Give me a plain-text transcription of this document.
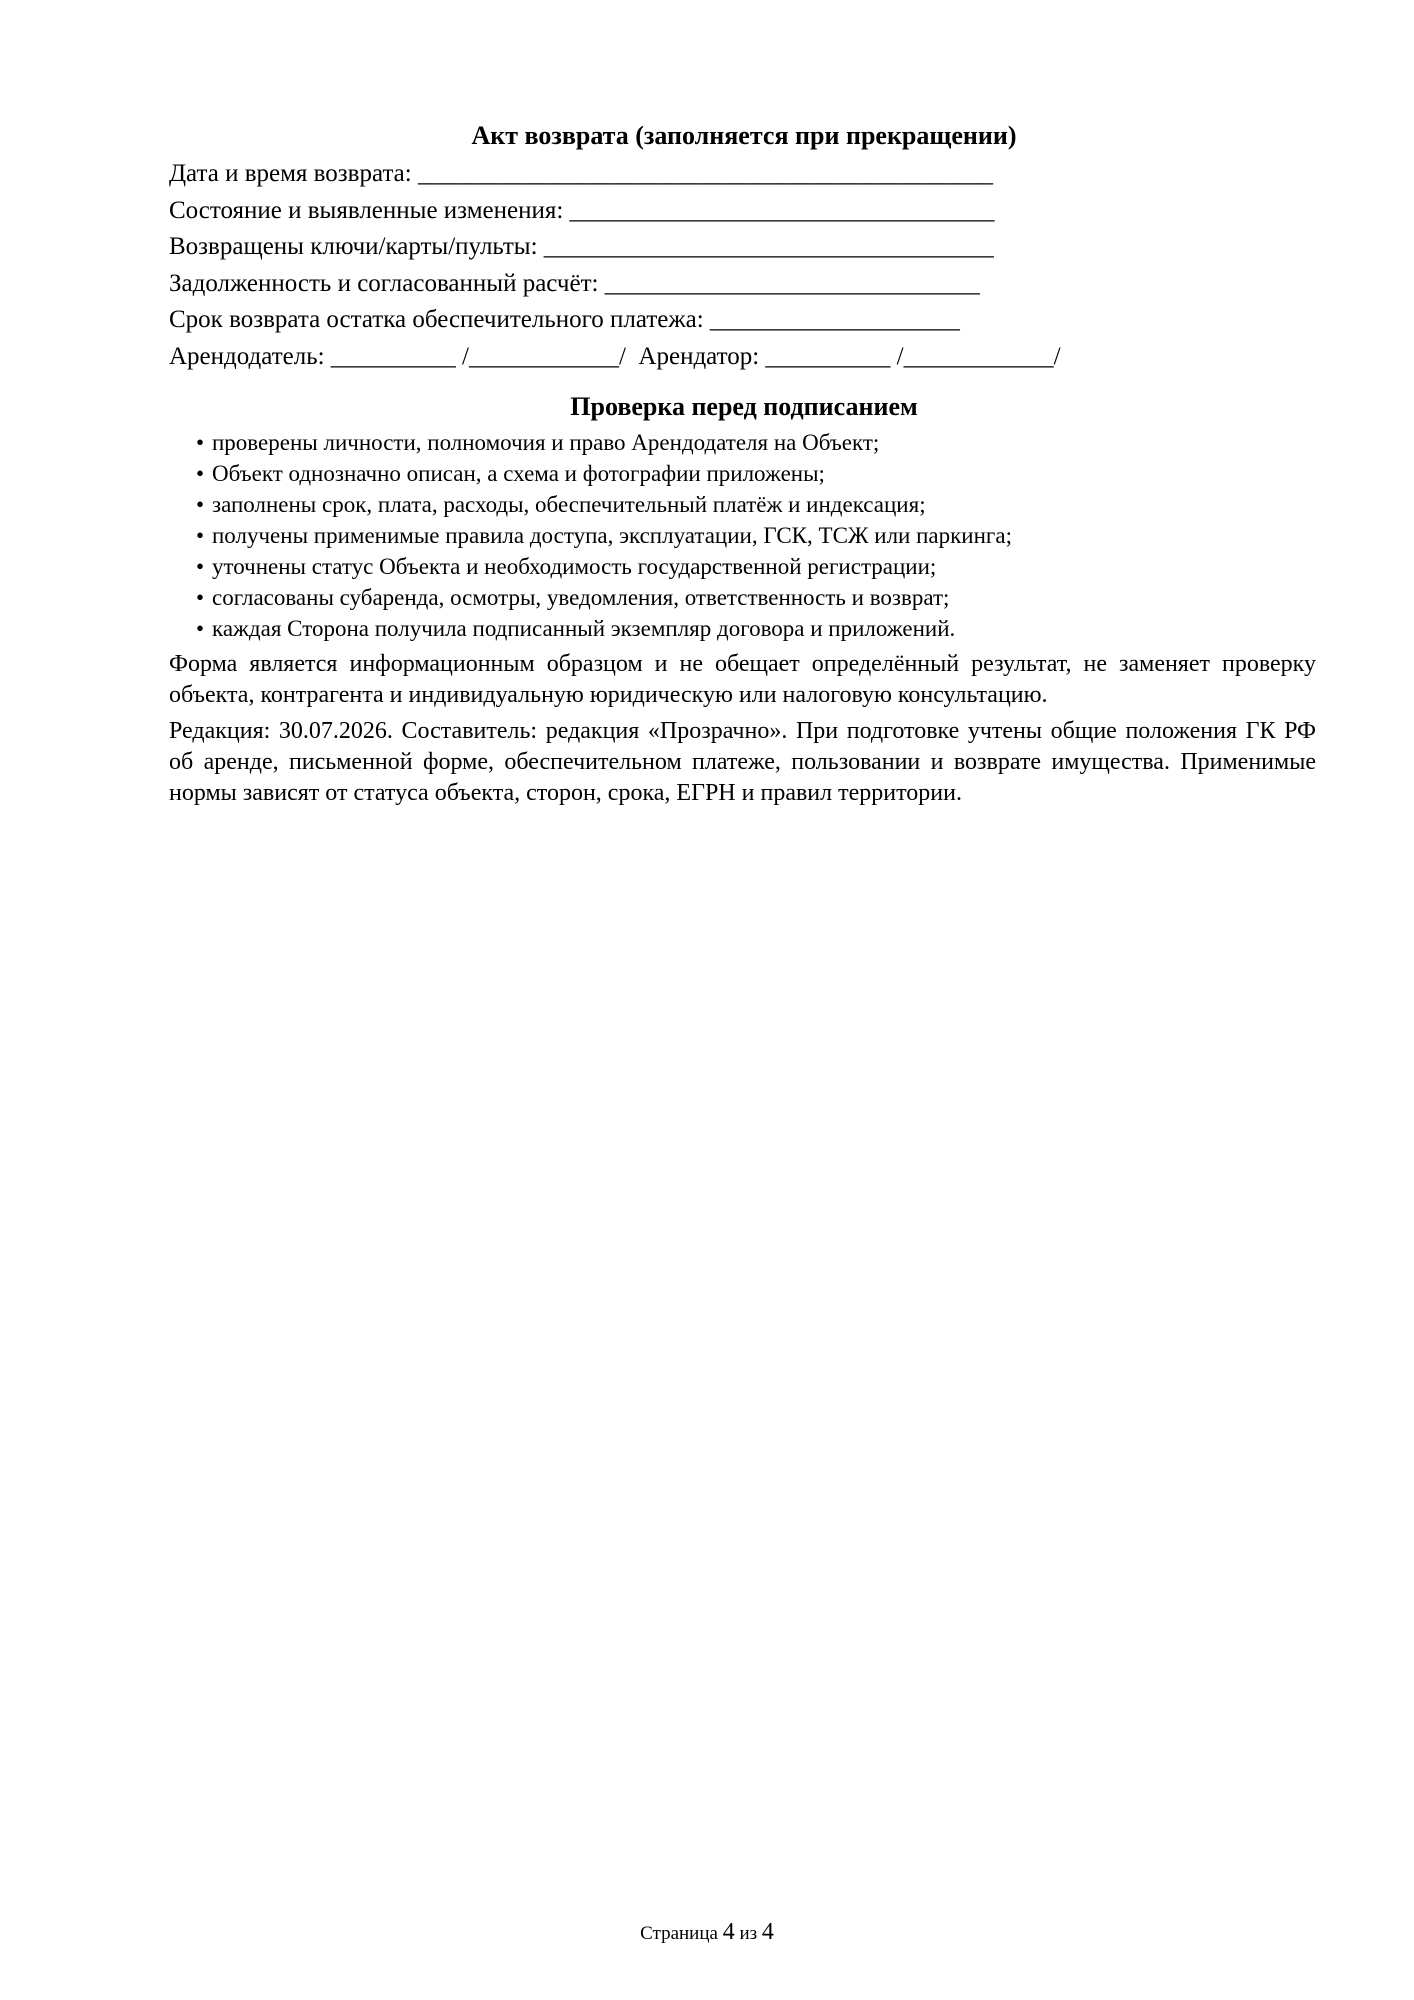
Акт возврата (заполняется при прекращении)

Дата и время возврата: ______________________________________________

Состояние и выявленные изменения: __________________________________

Возвращены ключи/карты/пульты: ____________________________________

Задолженность и согласованный расчёт: ______________________________

Срок возврата остатка обеспечительного платежа: ____________________

Арендодатель: __________ /____________/  Арендатор: __________ /____________/

Проверка перед подписанием
• проверены личности, полномочия и право Арендодателя на Объект;
• Объект однозначно описан, а схема и фотографии приложены;
• заполнены срок, плата, расходы, обеспечительный платёж и индексация;
• получены применимые правила доступа, эксплуатации, ГСК, ТСЖ или паркинга;
• уточнены статус Объекта и необходимость государственной регистрации;
• согласованы субаренда, осмотры, уведомления, ответственность и возврат;
• каждая Сторона получила подписанный экземпляр договора и приложений.

Форма является информационным образцом и не обещает определённый результат, не заменяет проверку объекта, контрагента и индивидуальную юридическую или налоговую консультацию.

Редакция: 30.07.2026. Составитель: редакция «Прозрачно». При подготовке учтены общие положения ГК РФ об аренде, письменной форме, обеспечительном платеже, пользовании и возврате имущества. Применимые нормы зависят от статуса объекта, сторон, срока, ЕГРН и правил территории.

Страница 4 из 4
